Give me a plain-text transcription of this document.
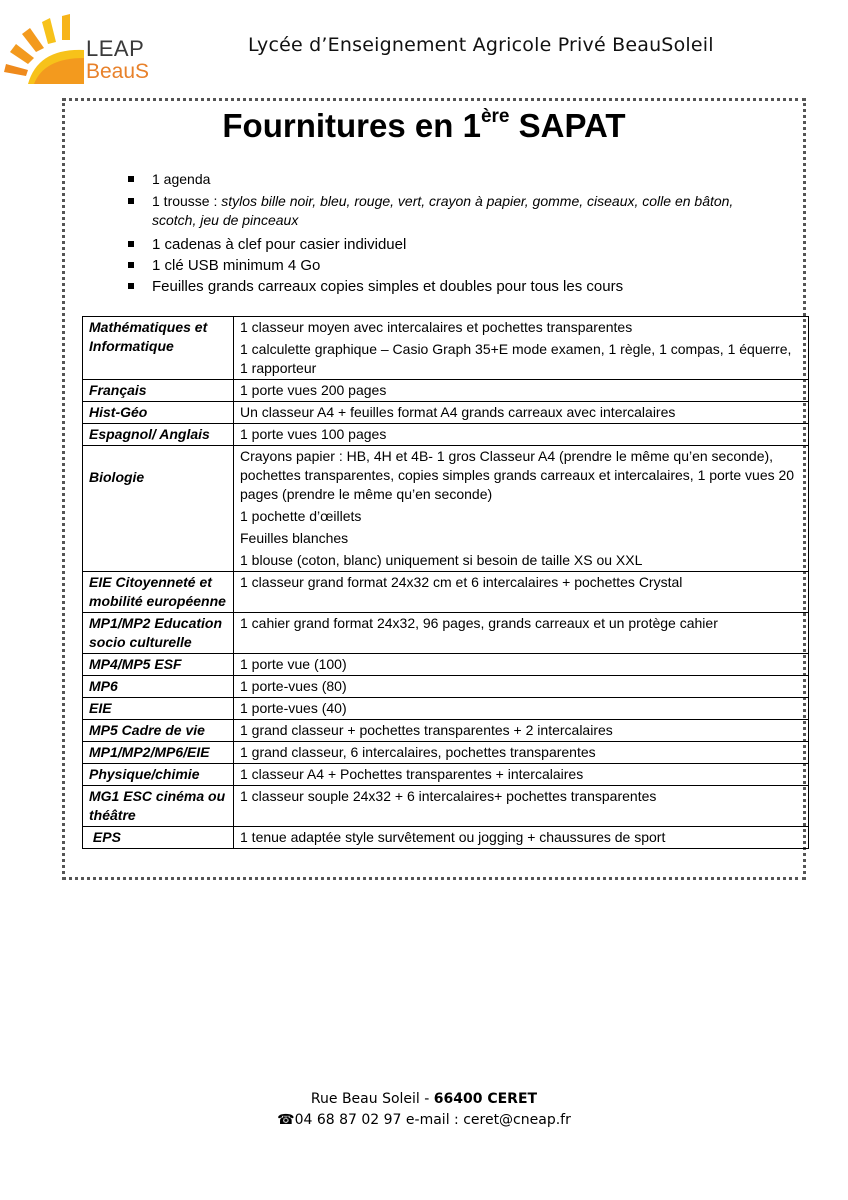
LEAP
BeauS
Lycée d’Enseignement Agricole Privé BeauSoleil
Fournitures en 1ère SAPAT
1 agenda
1 trousse : stylos bille noir, bleu, rouge, vert, crayon à papier, gomme, ciseaux, colle en bâton, scotch, jeu de pinceaux
1 cadenas à clef pour casier individuel
1 clé USB minimum 4 Go
Feuilles grands carreaux copies simples et doubles pour tous les cours
Mathématiques et Informatique	1 classeur moyen avec intercalaires et pochettes transparentes
1 calculette graphique – Casio Graph 35+E mode examen, 1 règle, 1 compas, 1 équerre, 1 rapporteur

Français	1 porte vues 200 pages

Hist-Géo	Un classeur A4 + feuilles format A4 grands carreaux avec intercalaires

Espagnol/ Anglais	1 porte vues 100 pages

Biologie	Crayons papier : HB, 4H et 4B- 1 gros Classeur A4 (prendre le même qu’en seconde), pochettes transparentes, copies simples grands carreaux et intercalaires, 1 porte vues 20 pages (prendre le même qu’en seconde)
1 pochette d’œillets
Feuilles blanches
1 blouse (coton, blanc) uniquement si besoin de taille XS ou XXL

EIE Citoyenneté et mobilité européenne	1 classeur grand format 24x32 cm et 6 intercalaires + pochettes Crystal

MP1/MP2 Education socio culturelle	1 cahier grand format 24x32, 96 pages, grands carreaux et un protège cahier

MP4/MP5 ESF	1 porte vue (100)

MP6	1 porte-vues (80)

EIE	1 porte-vues (40)

MP5 Cadre de vie	1 grand classeur + pochettes transparentes + 2 intercalaires

MP1/MP2/MP6/EIE	1 grand classeur, 6 intercalaires, pochettes transparentes

Physique/chimie	1 classeur A4 + Pochettes transparentes + intercalaires

MG1 ESC cinéma ou théâtre	1 classeur souple 24x32 + 6 intercalaires+ pochettes transparentes

EPS	1 tenue adaptée style survêtement ou jogging + chaussures de sport
Rue Beau Soleil - 66400 CERET
☎04 68 87 02 97 e-mail : ceret@cneap.fr
